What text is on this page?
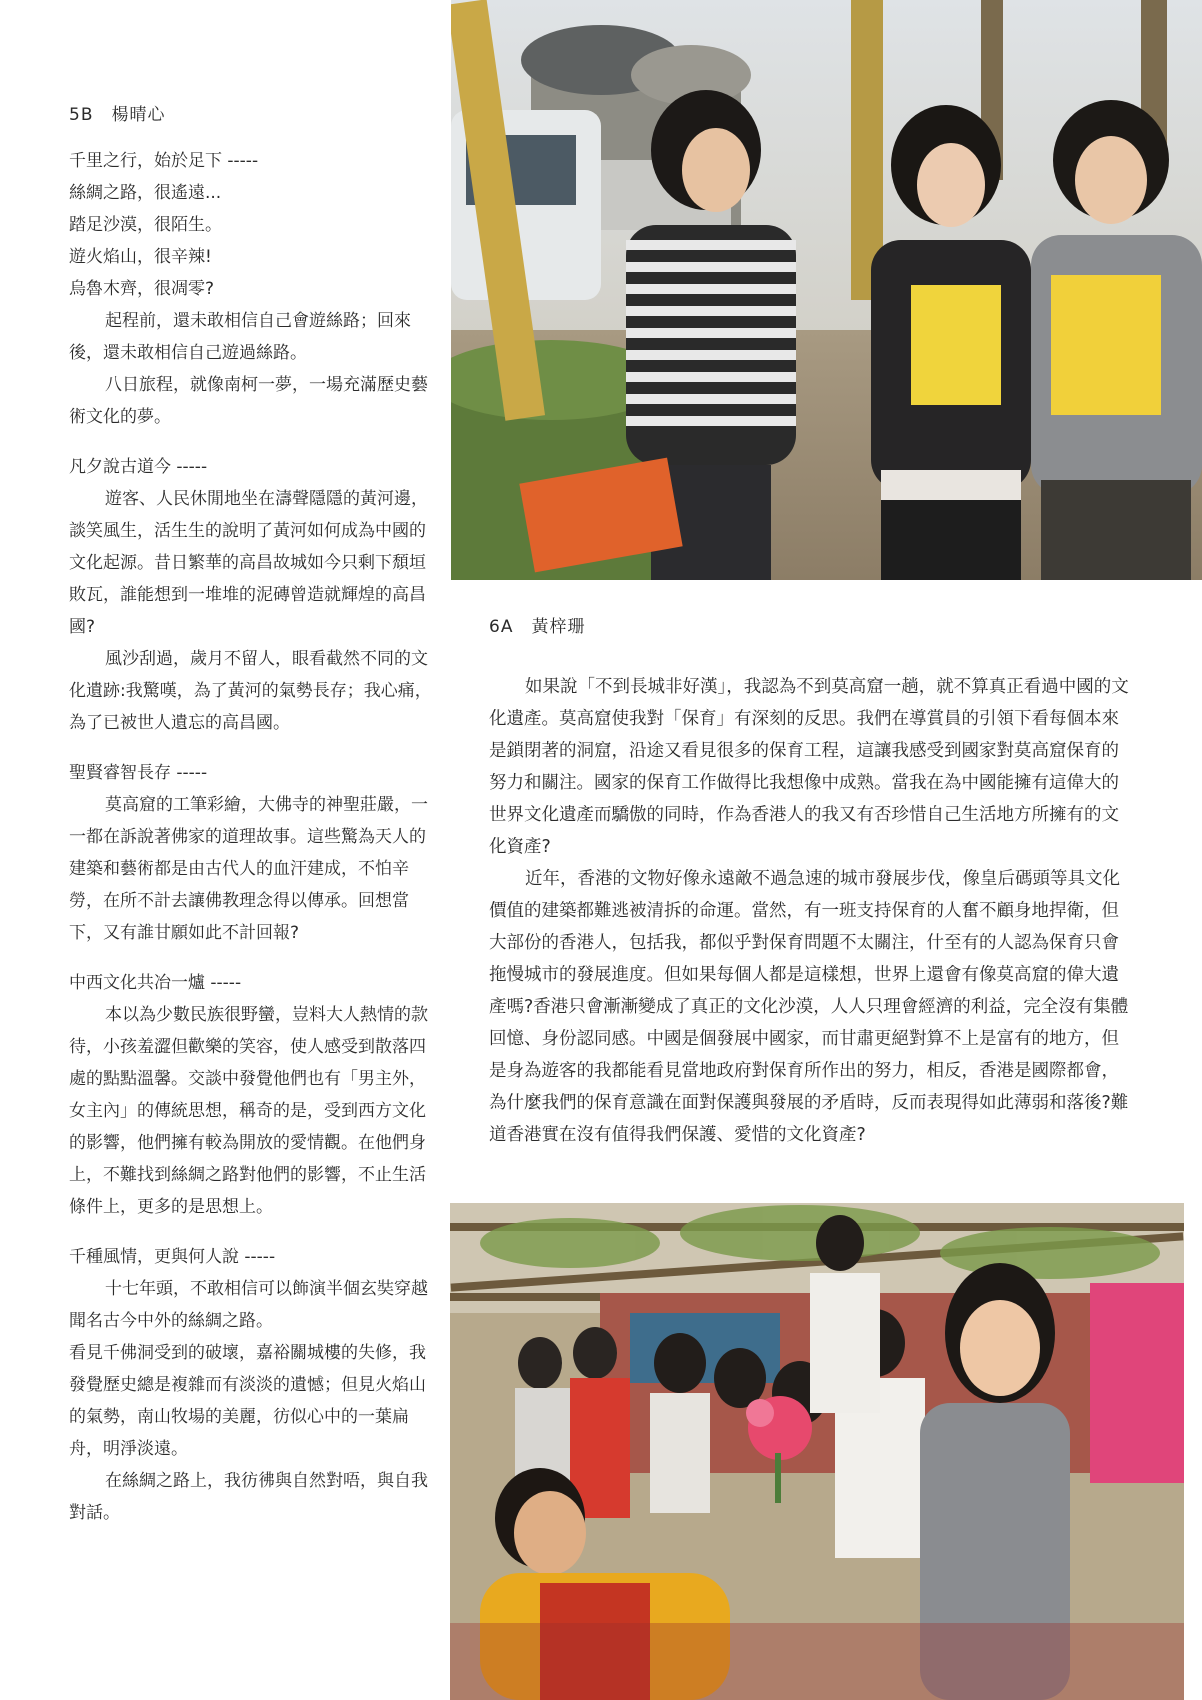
5B 楊晴心

千里之行，始於足下 -----

絲綢之路，很遙遠...

踏足沙漠，很陌生。

遊火焰山，很辛辣!

烏魯木齊，很凋零?

起程前，還未敢相信自己會遊絲路；回來後，還未敢相信自己遊過絲路。

八日旅程，就像南柯一夢，一場充滿歷史藝術文化的夢。

凡夕說古道今 -----

遊客、人民休閒地坐在濤聲隱隱的黃河邊，談笑風生，活生生的說明了黃河如何成為中國的文化起源。昔日繁華的高昌故城如今只剩下頹垣敗瓦，誰能想到一堆堆的泥磚曾造就輝煌的高昌國?

風沙刮過，歲月不留人，眼看截然不同的文化遺跡:我驚嘆，為了黃河的氣勢長存；我心痛，為了已被世人遺忘的高昌國。

聖賢睿智長存 -----

莫高窟的工筆彩繪，大佛寺的神聖莊嚴，一一都在訴說著佛家的道理故事。這些驚為天人的建築和藝術都是由古代人的血汗建成，不怕辛勞，在所不計去讓佛教理念得以傳承。回想當下，又有誰甘願如此不計回報?

中西文化共冶一爐 -----

本以為少數民族很野蠻，豈料大人熱情的款待，小孩羞澀但歡樂的笑容，使人感受到散落四處的點點溫馨。交談中發覺他們也有「男主外，女主內」的傳統思想，稱奇的是，受到西方文化的影響，他們擁有較為開放的愛情觀。在他們身上，不難找到絲綢之路對他們的影響，不止生活條件上，更多的是思想上。

千種風情，更與何人說 -----

十七年頭，不敢相信可以飾演半個玄奘穿越聞名古今中外的絲綢之路。

看見千佛洞受到的破壞，嘉裕關城樓的失修，我發覺歷史總是複雜而有淡淡的遺憾；但見火焰山的氣勢，南山牧場的美麗，彷似心中的一葉扁舟，明淨淡遠。

在絲綢之路上，我彷彿與自然對唔，與自我對話。

6A 黃梓珊

如果說「不到長城非好漢」，我認為不到莫高窟一趟，就不算真正看過中國的文化遺產。莫高窟使我對「保育」有深刻的反思。我們在導賞員的引領下看每個本來是鎖閉著的洞窟，沿途又看見很多的保育工程，這讓我感受到國家對莫高窟保育的努力和關注。國家的保育工作做得比我想像中成熟。當我在為中國能擁有這偉大的世界文化遺產而驕傲的同時，作為香港人的我又有否珍惜自己生活地方所擁有的文化資產?

近年，香港的文物好像永遠敵不過急速的城市發展步伐，像皇后碼頭等具文化價值的建築都難逃被清拆的命運。當然，有一班支持保育的人奮不顧身地捍衛，但大部份的香港人，包括我，都似乎對保育問題不太關注，什至有的人認為保育只會拖慢城市的發展進度。但如果每個人都是這樣想，世界上還會有像莫高窟的偉大遺產嗎?香港只會漸漸變成了真正的文化沙漠，人人只理會經濟的利益，完全沒有集體回憶、身份認同感。中國是個發展中國家，而甘肅更絕對算不上是富有的地方，但是身為遊客的我都能看見當地政府對保育所作出的努力，相反，香港是國際都會，為什麼我們的保育意識在面對保護與發展的矛盾時，反而表現得如此薄弱和落後?難道香港實在沒有值得我們保護、愛惜的文化資產?
